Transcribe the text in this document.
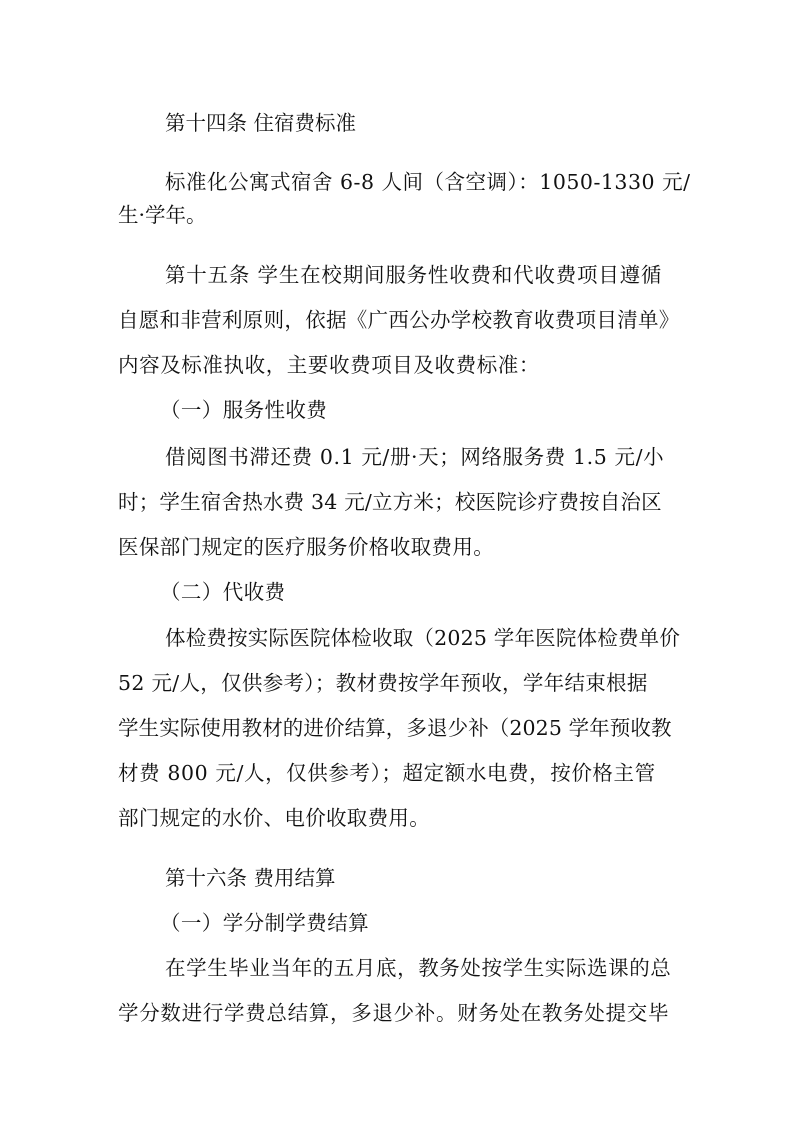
第十四条 住宿费标准
标准化公寓式宿舍 6-8 人间（含空调）：1050-1330 元/
生·学年。
第十五条 学生在校期间服务性收费和代收费项目遵循
自愿和非营利原则，依据《广西公办学校教育收费项目清单》
内容及标准执收，主要收费项目及收费标准：
（一）服务性收费
借阅图书滞还费 0.1 元/册·天；网络服务费 1.5 元/小
时；学生宿舍热水费 34 元/立方米；校医院诊疗费按自治区
医保部门规定的医疗服务价格收取费用。
（二）代收费
体检费按实际医院体检收取（2025 学年医院体检费单价
52 元/人，仅供参考）；教材费按学年预收，学年结束根据
学生实际使用教材的进价结算，多退少补（2025 学年预收教
材费 800 元/人，仅供参考）；超定额水电费，按价格主管
部门规定的水价、电价收取费用。
第十六条 费用结算
（一）学分制学费结算
在学生毕业当年的五月底，教务处按学生实际选课的总
学分数进行学费总结算，多退少补。财务处在教务处提交毕
